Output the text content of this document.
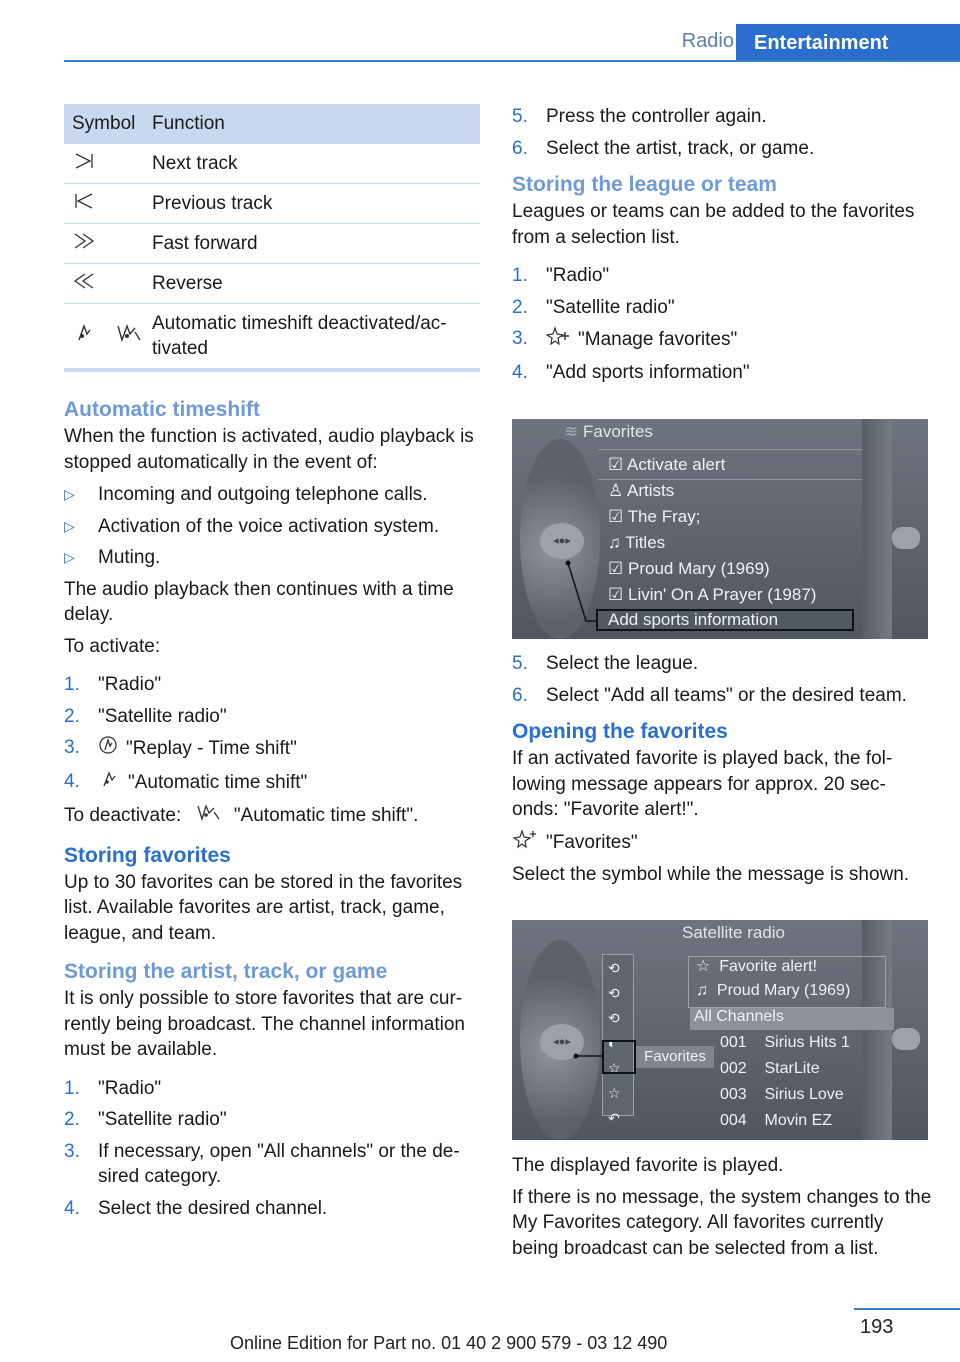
Radio	Entertainment
Symbol	Function
	Next track
	Previous track
	Fast forward
	Reverse
	Automatic timeshift deactivated/ac-tivated
Automatic timeshift

When the function is activated, audio playback is stopped automatically in the event of:

▷ Incoming and outgoing telephone calls.
▷ Activation of the voice activation system.
▷ Muting.

The audio playback then continues with a time delay.

To activate:

1. "Radio"
2. "Satellite radio"
3. "Replay - Time shift"
4.	"Automatic time shift"

To deactivate:	"Automatic time shift".

Storing favorites

Up to 30 favorites can be stored in the favorites list. Available favorites are artist, track, game, league, and team.

Storing the artist, track, or game

It is only possible to store favorites that are cur-rently being broadcast. The channel information must be available.

1. "Radio"
2. "Satellite radio"
3. If necessary, open "All channels" or the de-sired category.
4. Select the desired channel.
5. Press the controller again.
6. Select the artist, track, or game.
Storing the league or team

Leagues or teams can be added to the favorites from a selection list.

1. "Radio"
2. "Satellite radio"
3.	"Manage favorites"
4. "Add sports information"
◂●▸
≋ Favorites
☑ Activate alert
♙ Artists
☑ The Fray;
♫ Titles
☑ Proud Mary (1969)
☑ Livin' On A Prayer (1987)
Add sports information
5. Select the league.
6. Select "Add all teams" or the desired team.
Opening the favorites

If an activated favorite is played back, the fol-lowing message appears for approx. 20 sec-onds: "Favorite alert!".

"Favorites"

Select the symbol while the message is shown.

◂●▸
Satellite radio
⟲
⟲
⟲
◐
☆
☆
↶
Favorites
☆ Favorite alert!
♫ Proud Mary (1969)
All Channels
001 Sirius Hits 1
002 StarLite
003 Sirius Love
004 Movin EZ

The displayed favorite is played.

If there is no message, the system changes to the My Favorites category. All favorites currently being broadcast can be selected from a list.

193
Online Edition for Part no. 01 40 2 900 579 - 03 12 490
